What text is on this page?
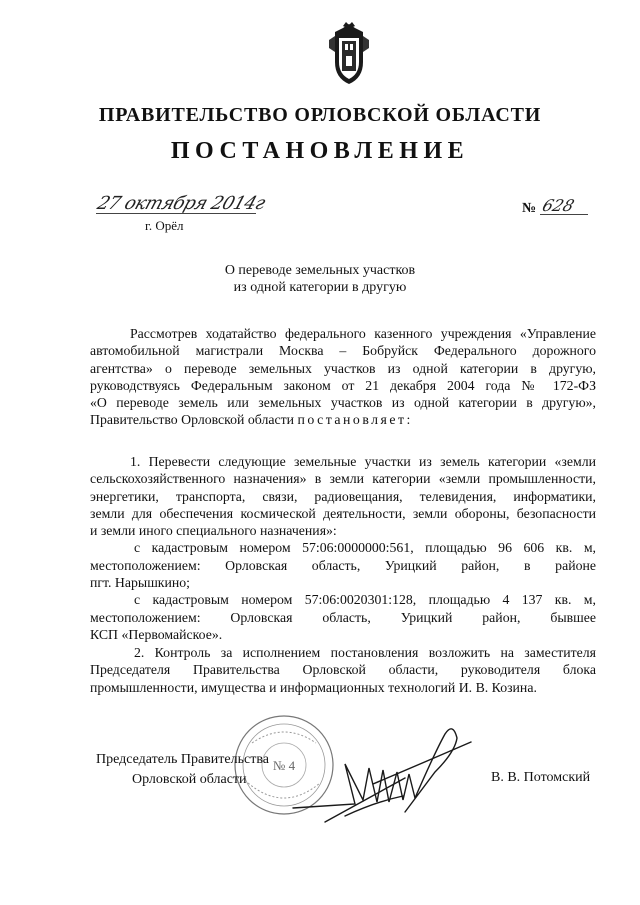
ПРАВИТЕЛЬСТВО ОРЛОВСКОЙ ОБЛАСТИ
ПОСТАНОВЛЕНИЕ
27 октября 2014г
г. Орёл
№ 628
О переводе земельных участков
из одной категории в другую
Рассмотрев ходатайство федерального казенного учреждения «Управление
автомобильной магистрали Москва – Бобруйск Федерального дорожного
агентства» о переводе земельных участков из одной категории в другую,
руководствуясь Федеральным законом от 21 декабря 2004 года № 172-ФЗ
«О переводе земель или земельных участков из одной категории в другую»,
Правительство Орловской области постановляет:
1. Перевести следующие земельные участки из земель категории «земли
сельскохозяйственного назначения» в земли категории «земли промышленности,
энергетики, транспорта, связи, радиовещания, телевидения, информатики,
земли для обеспечения космической деятельности, земли обороны, безопасности
и земли иного специального назначения»:
с кадастровым номером 57:06:0000000:561, площадью 96 606 кв. м,
местоположением: Орловская область, Урицкий район, в районе
пгт. Нарышкино;
с кадастровым номером 57:06:0020301:128, площадью 4 137 кв. м,
местоположением: Орловская область, Урицкий район, бывшее
КСП «Первомайское».
2. Контроль за исполнением постановления возложить на заместителя
Председателя Правительства Орловской области, руководителя блока
промышленности, имущества и информационных технологий И. В. Козина.
№ 4
Председатель Правительства
Орловской области	В. В. Потомский
